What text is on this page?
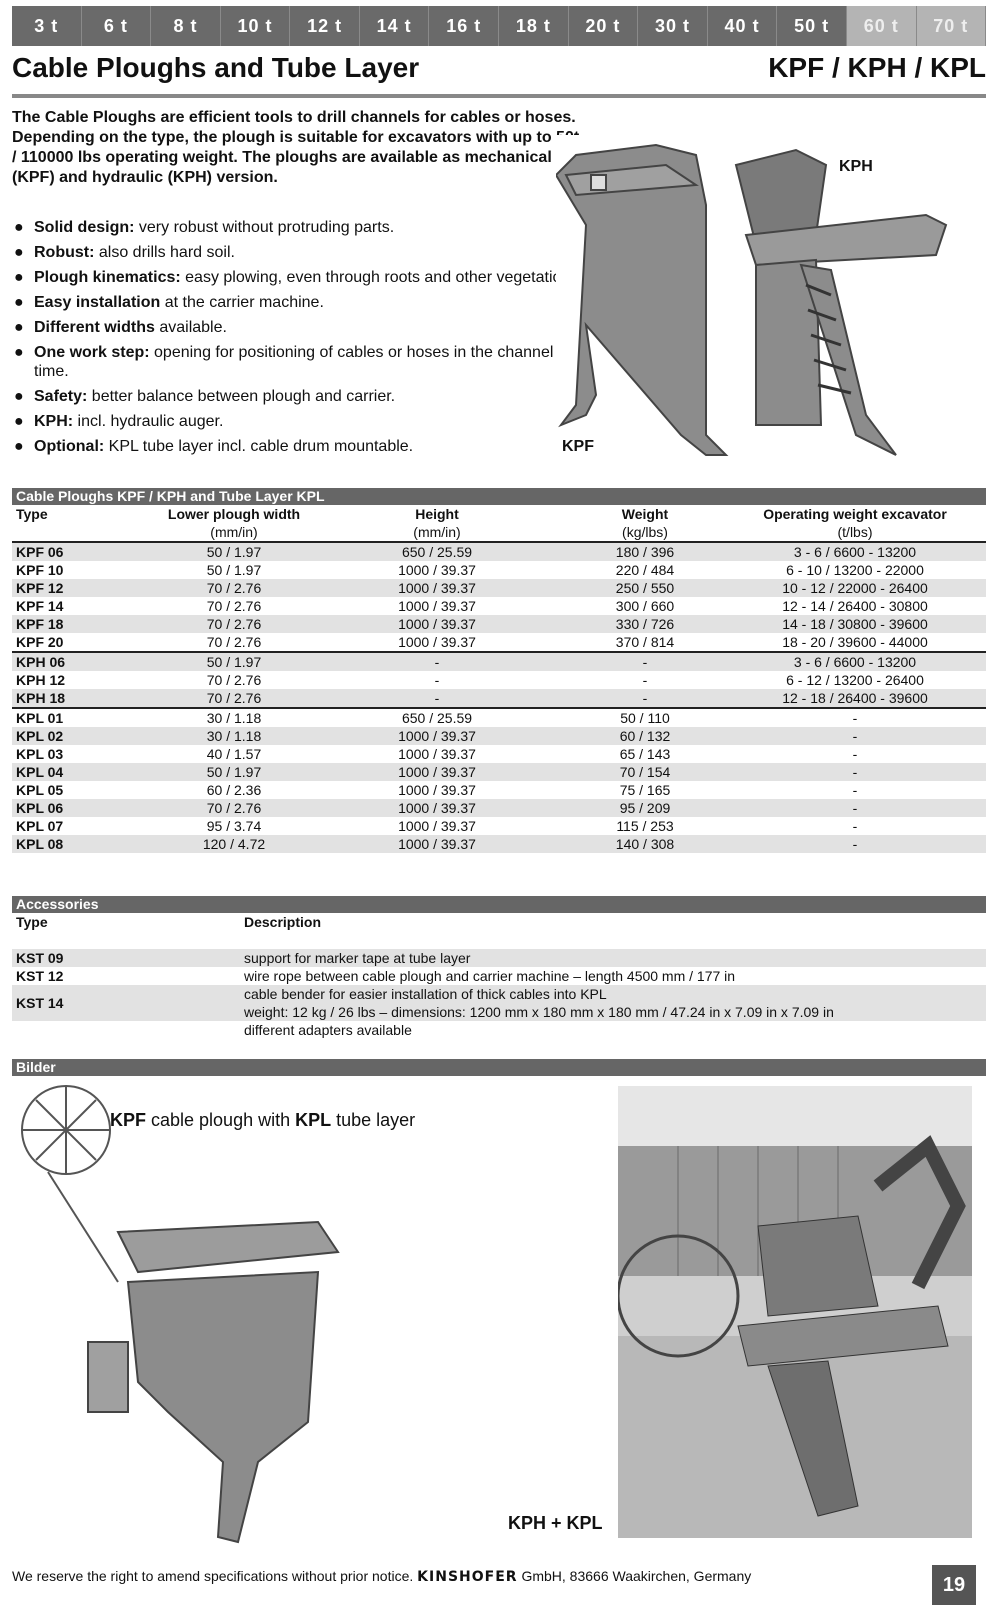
3 t	6 t	8 t	10 t	12 t	14 t	16 t	18 t	20 t	30 t	40 t	50 t	60 t	70 t
Cable Ploughs and Tube Layer	KPF / KPH / KPL
The Cable Ploughs are efficient tools to drill channels for cables or hoses. Depending on the type, the plough is suitable for excavators with up to 50t / 110000 lbs operating weight. The ploughs are available as mechanical (KPF) and hydraulic (KPH) version.
● Solid design: very robust without protruding parts.
● Robust: also drills hard soil.
● Plough kinematics: easy plowing, even through roots and other vegetation.
● Easy installation at the carrier machine.
● Different widths available.
● One work step: opening for positioning of cables or hoses in the channel saves time.
● Safety: better balance between plough and carrier.
● KPH: incl. hydraulic auger.
● Optional: KPL tube layer incl. cable drum mountable.
KPH
KPF
Cable Ploughs KPF / KPH and Tube Layer KPL
Type	Lower plough width	Height	Weight	Operating weight excavator
	(mm/in)	(mm/in)	(kg/lbs)	(t/lbs)
KPF 06	50 / 1.97	650 / 25.59	180 / 396	3 - 6 / 6600 - 13200
KPF 10	50 / 1.97	1000 / 39.37	220 / 484	6 - 10 / 13200 - 22000
KPF 12	70 / 2.76	1000 / 39.37	250 / 550	10 - 12 / 22000 - 26400
KPF 14	70 / 2.76	1000 / 39.37	300 / 660	12 - 14 / 26400 - 30800
KPF 18	70 / 2.76	1000 / 39.37	330 / 726	14 - 18 / 30800 - 39600
KPF 20	70 / 2.76	1000 / 39.37	370 / 814	18 - 20 / 39600 - 44000
KPH 06	50 / 1.97	-	-	3 - 6 / 6600 - 13200
KPH 12	70 / 2.76	-	-	6 - 12 / 13200 - 26400
KPH 18	70 / 2.76	-	-	12 - 18 / 26400 - 39600
KPL 01	30 / 1.18	650 / 25.59	50 / 110	-
KPL 02	30 / 1.18	1000 / 39.37	60 / 132	-
KPL 03	40 / 1.57	1000 / 39.37	65 / 143	-
KPL 04	50 / 1.97	1000 / 39.37	70 / 154	-
KPL 05	60 / 2.36	1000 / 39.37	75 / 165	-
KPL 06	70 / 2.76	1000 / 39.37	95 / 209	-
KPL 07	95 / 3.74	1000 / 39.37	115 / 253	-
KPL 08	120 / 4.72	1000 / 39.37	140 / 308	-
Accessories
Type	Description

KST 09	support for marker tape at tube layer

KST 12	wire rope between cable plough and carrier machine – length 4500 mm / 177 in

KST 14	cable bender for easier installation of thick cables into KPL
weight: 12 kg / 26 lbs – dimensions: 1200 mm x 180 mm x 180 mm / 47.24 in x 7.09 in x 7.09 in

	different adapters available
Bilder
KPF cable plough with KPL tube layer
KPH + KPL
We reserve the right to amend specifications without prior notice. KINSHOFER GmbH, 83666 Waakirchen, Germany	19
